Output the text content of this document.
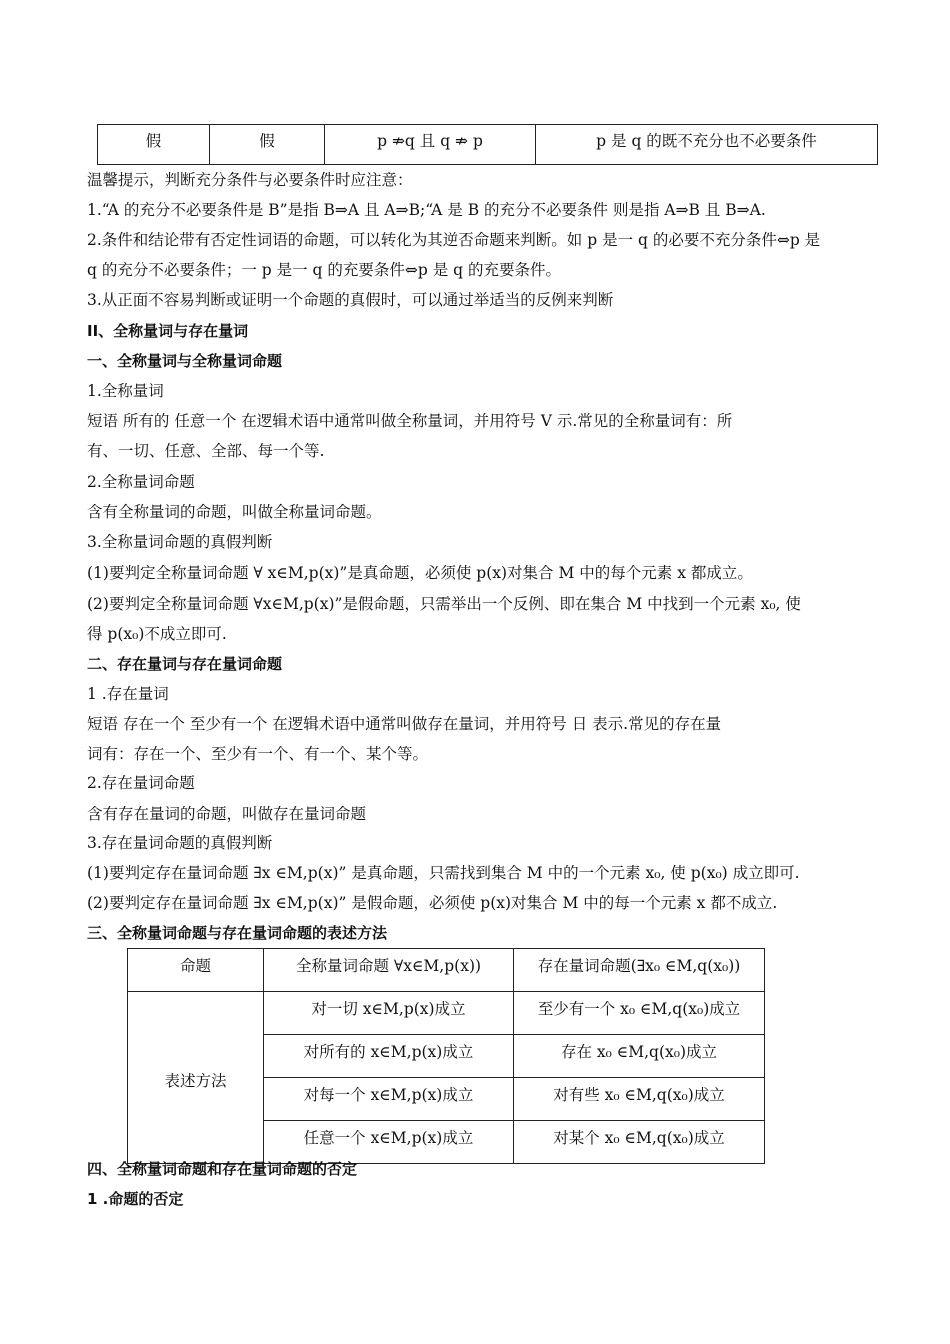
假	假	p ⇏q 且 q ⇏ p	p 是 q 的既不充分也不必要条件
温馨提示，判断充分条件与必要条件时应注意：
1.“A 的充分不必要条件是 B”是指 B⇒A 且 A⇒B;“A 是 B 的充分不必要条件 则是指 A⇒B 且 B⇒A.
2.条件和结论带有否定性词语的命题，可以转化为其逆否命题来判断。如 p 是一 q 的必要不充分条件⇔p 是
q 的充分不必要条件；一 p 是一 q 的充要条件⇔p 是 q 的充要条件。
3.从正面不容易判断或证明一个命题的真假时，可以通过举适当的反例来判断
II、全称量词与存在量词
一、全称量词与全称量词命题
1.全称量词
短语 所有的 任意一个 在逻辑术语中通常叫做全称量词，并用符号 V 示.常见的全称量词有：所
有、一切、任意、全部、每一个等.
2.全称量词命题
含有全称量词的命题，叫做全称量词命题。
3.全称量词命题的真假判断
(1)要判定全称量词命题 ∀ x∈M,p(x)”是真命题，必须使 p(x)对集合 M 中的每个元素 x 都成立。
(2)要判定全称量词命题 ∀x∈M,p(x)”是假命题，只需举出一个反例、即在集合 M 中找到一个元素 x₀, 使
得 p(x₀)不成立即可.
二、存在量词与存在量词命题
1 .存在量词
短语 存在一个 至少有一个 在逻辑术语中通常叫做存在量词，并用符号 日 表示.常见的存在量
词有：存在一个、至少有一个、有一个、某个等。
2.存在量词命题
含有存在量词的命题，叫做存在量词命题
3.存在量词命题的真假判断
(1)要判定存在量词命题 ∃x ∈M,p(x)” 是真命题，只需找到集合 M 中的一个元素 x₀, 使 p(x₀) 成立即可.
(2)要判定存在量词命题 ∃x ∈M,p(x)” 是假命题，必须使 p(x)对集合 M 中的每一个元素 x 都不成立.
三、全称量词命题与存在量词命题的表述方法
命题	全称量词命题 ∀x∈M,p(x))	存在量词命题(∃x₀ ∈M,q(x₀))
表述方法	对一切 x∈M,p(x)成立	至少有一个 x₀ ∈M,q(x₀)成立
	对所有的 x∈M,p(x)成立	存在 x₀ ∈M,q(x₀)成立
	对每一个 x∈M,p(x)成立	对有些 x₀ ∈M,q(x₀)成立
	任意一个 x∈M,p(x)成立	对某个 x₀ ∈M,q(x₀)成立
四、全称量词命题和存在量词命题的否定
1 .命题的否定
